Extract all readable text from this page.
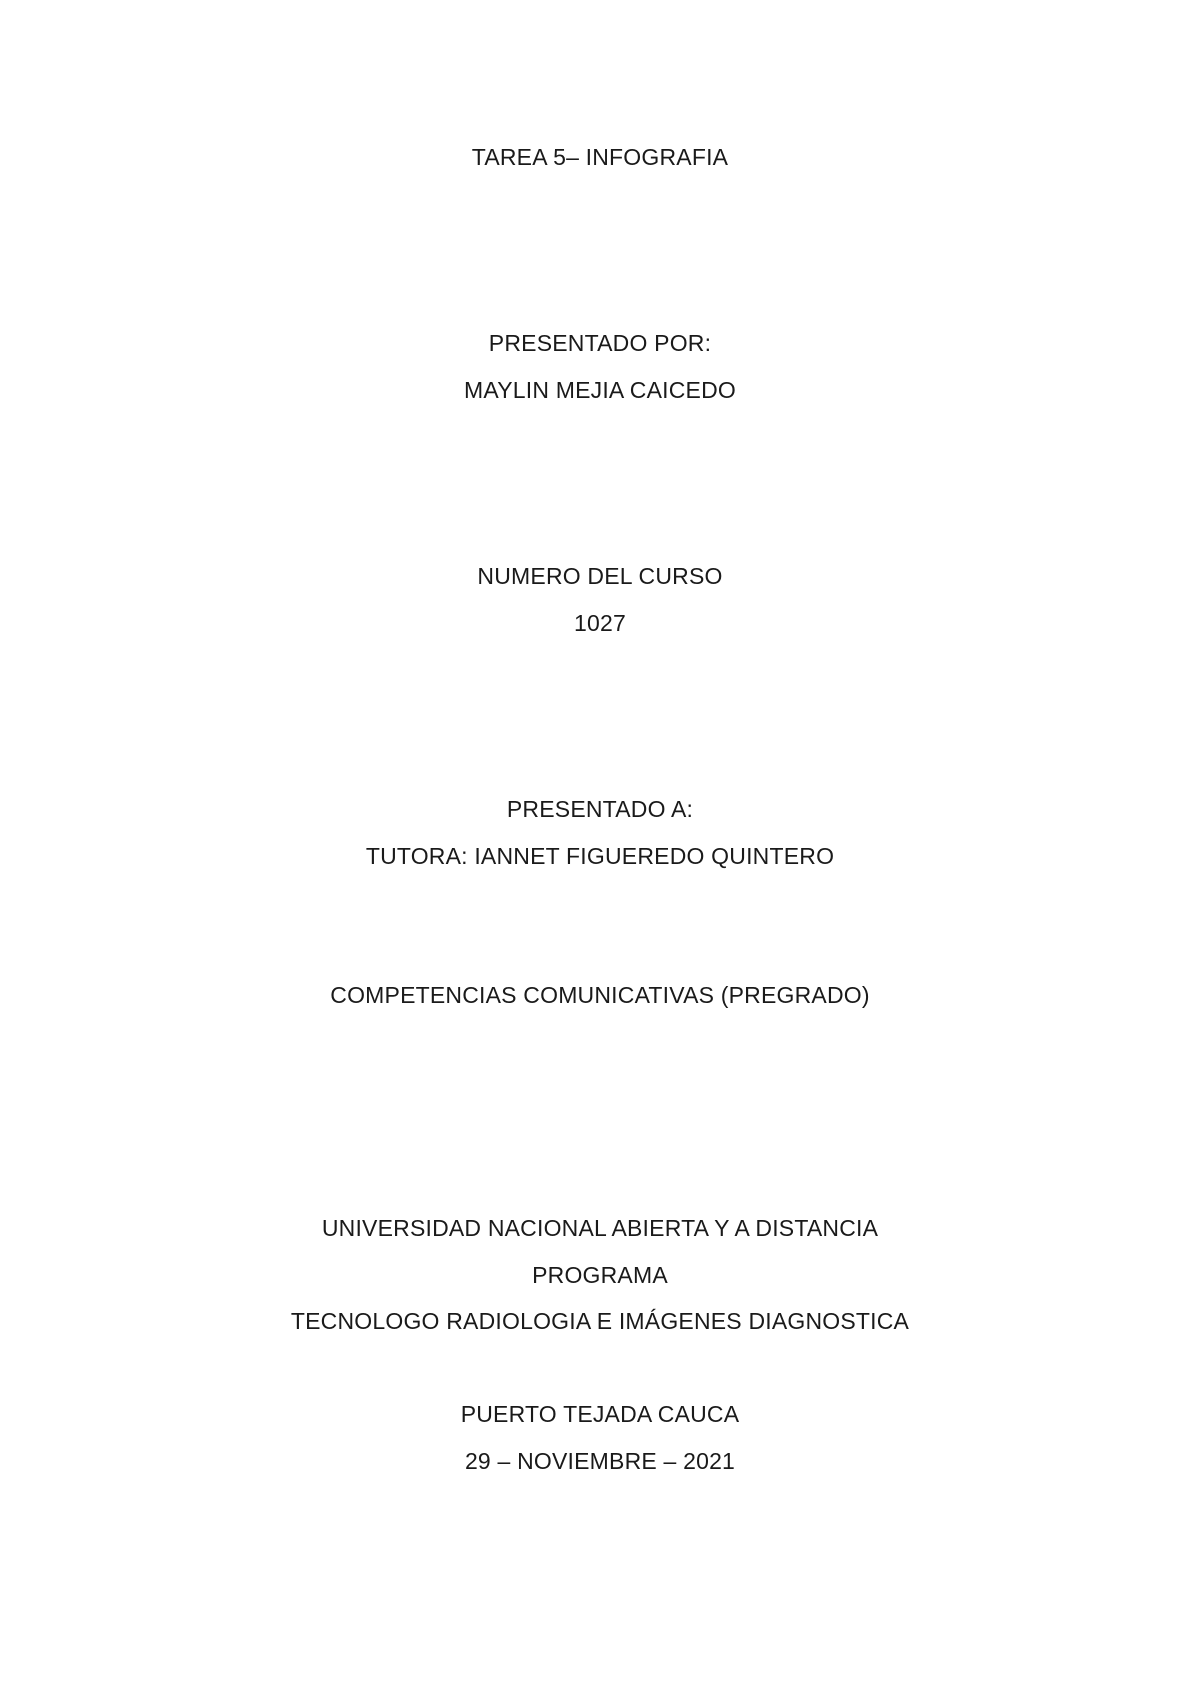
TAREA 5– INFOGRAFIA
PRESENTADO POR:
MAYLIN MEJIA CAICEDO
NUMERO DEL CURSO
1027
PRESENTADO A:
TUTORA: IANNET FIGUEREDO QUINTERO
COMPETENCIAS COMUNICATIVAS (PREGRADO)
UNIVERSIDAD NACIONAL ABIERTA Y A DISTANCIA
PROGRAMA
TECNOLOGO RADIOLOGIA E IMÁGENES DIAGNOSTICA
PUERTO TEJADA CAUCA
29 – NOVIEMBRE – 2021
